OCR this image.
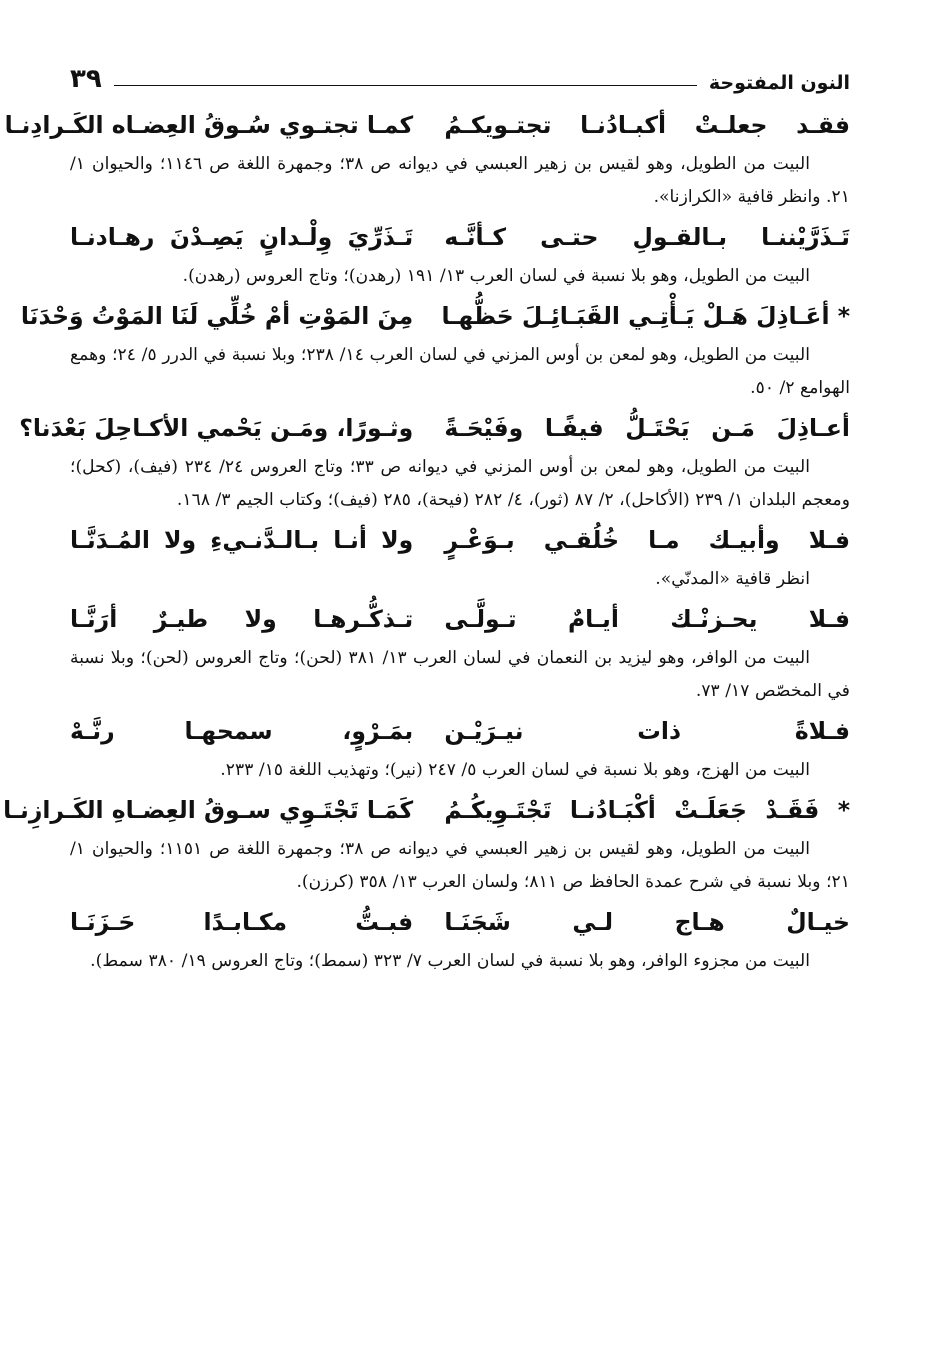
النون المفتوحة
٣٩
فقـد جعلـتْ أكبـادُنـا تجتـويكـمُ
كمـا تجتـوي سُـوقُ العِضـاه الكَـرادِنـا

البيت من الطويل، وهو لقيس بن زهير العبسي في ديوانه ص ٣٨؛ وجمهرة اللغة ص ١١٤٦؛ والحيوان ١/ ٢١. وانظر قافية «الكرازنا».

تَـذَرَّيْننـا بـالقـولِ حتـى كـأنَّـه
تَـذَرِّيَ وِلْـدانٍ يَصِـدْنَ رهـادنـا

البيت من الطويل، وهو بلا نسبة في لسان العرب ١٣/ ١٩١ (رهدن)؛ وتاج العروس (رهدن).

* أعَـاذِلَ هَـلْ يَـأْتِـي القَبَـائِـلَ حَظُّهـا
مِنَ المَوْتِ أمْ خُلِّي لَنَا المَوْتُ وَحْدَنَا

البيت من الطويل، وهو لمعن بن أوس المزني في لسان العرب ١٤/ ٢٣٨؛ وبلا نسبة في الدرر ٥/ ٢٤؛ وهمع الهوامع ٢/ ٥٠.

أعـاذِلَ مَـن يَحْتَـلُّ فيفًـا وفَيْحَـةً
وثـورًا، ومَـن يَحْمي الأكـاحِلَ بَعْدَنا؟

البيت من الطويل، وهو لمعن بن أوس المزني في ديوانه ص ٣٣؛ وتاج العروس ٢٤/ ٢٣٤ (فيف)، (كحل)؛ ومعجم البلدان ١/ ٢٣٩ (الأكاحل)، ٢/ ٨٧ (ثور)، ٤/ ٢٨٢ (فيحة)، ٢٨٥ (فيف)؛ وكتاب الجيم ٣/ ١٦٨.

فـلا وأبيـك مـا خُلُقـي بـوَعْـرٍ
ولا أنـا بـالـدَّنـيءِ ولا المُـدَنَّـا

انظر قافية «المدنّي».

فـلا يحـزنْـك أيـامٌ تـولَّـى
تـذكُّـرهـا ولا طيـرٌ أرَنَّـا

البيت من الوافر، وهو ليزيد بن النعمان في لسان العرب ١٣/ ٣٨١ (لحن)؛ وتاج العروس (لحن)؛ وبلا نسبة في المخصّص ١٧/ ٧٣.

فـلاةً ذات نيـرَيْـن
بمَـرْوٍ، سمحهـا رنَّـهْ

البيت من الهزج، وهو بلا نسبة في لسان العرب ٥/ ٢٤٧ (نير)؛ وتهذيب اللغة ١٥/ ٢٣٣.

* فَقَـدْ جَعَلَـتْ أكْبَـادُنـا تَجْتَـوِيكُـمُ
كَمَـا تَجْتَـوِي سـوقُ العِضـاهِ الكَـرازِنـا

البيت من الطويل، وهو لقيس بن زهير العبسي في ديوانه ص ٣٨؛ وجمهرة اللغة ص ١١٥١؛ والحيوان ١/ ٢١؛ وبلا نسبة في شرح عمدة الحافظ ص ٨١١؛ ولسان العرب ١٣/ ٣٥٨ (كرزن).

خيـالٌ هـاج لـي شَجَنَـا
فبـتُّ مكـابـدًا حَـزَنَـا

البيت من مجزوء الوافر، وهو بلا نسبة في لسان العرب ٧/ ٣٢٣ (سمط)؛ وتاج العروس ١٩/ ٣٨٠ سمط).
